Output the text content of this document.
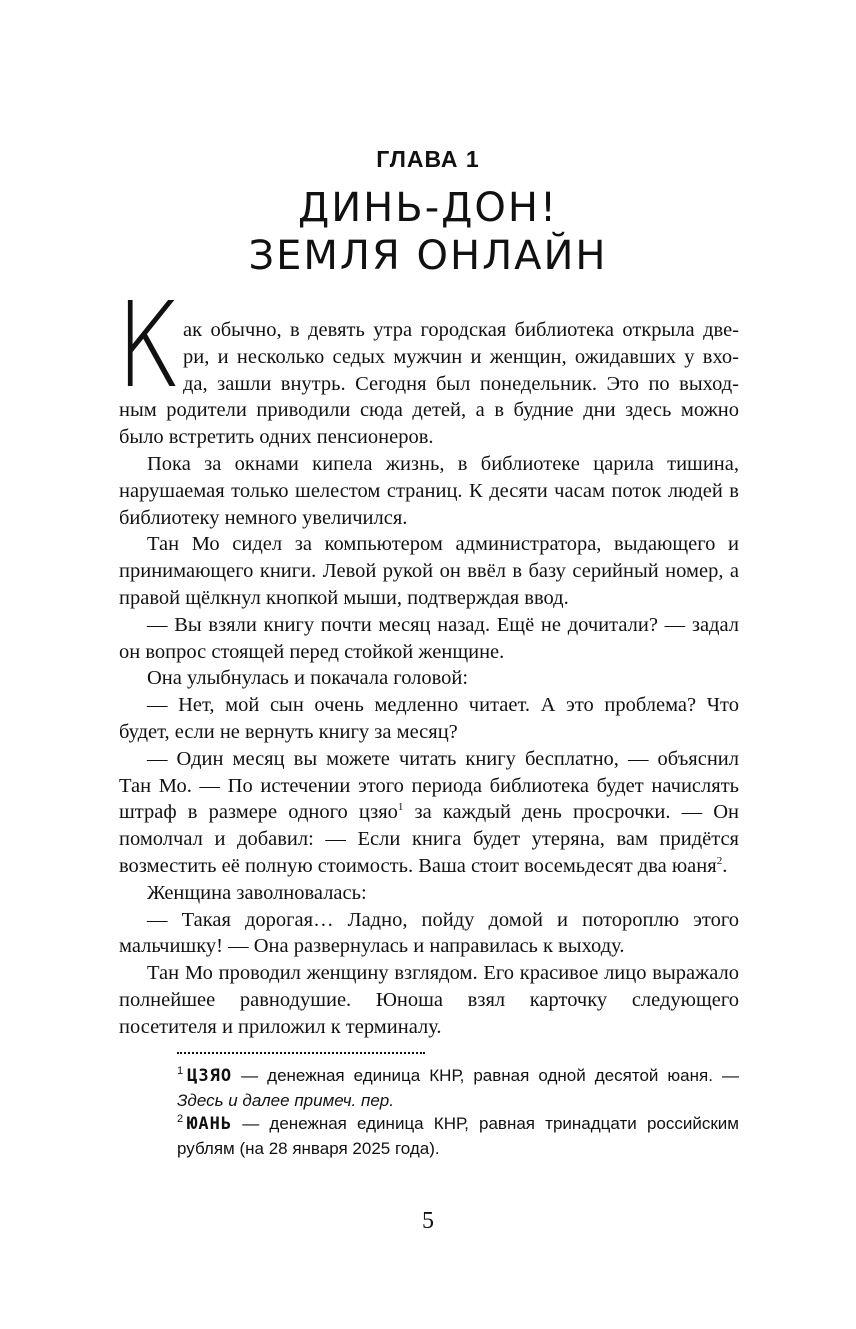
ГЛАВА 1
ДИНЬ-ДОН!
ЗЕМЛЯ ОНЛАЙН
К ак обычно, в девять утра городская библиотека открыла две-
ри, и несколько седых мужчин и женщин, ожидавших у вхо-
да, зашли внутрь. Сегодня был понедельник. Это по выход-
ным родители приводили сюда детей, а в будние дни здесь можно
было встретить одних пенсионеров.

Пока за окнами кипела жизнь, в библиотеке царила тишина, нарушаемая только шелестом страниц. К десяти часам поток людей в библиотеку немного увеличился.

Тан Мо сидел за компьютером администратора, выдающего и принимающего книги. Левой рукой он ввёл в базу серийный номер, а правой щёлкнул кнопкой мыши, подтверждая ввод.

— Вы взяли книгу почти месяц назад. Ещё не дочитали? — задал он вопрос стоящей перед стойкой женщине.

Она улыбнулась и покачала головой:

— Нет, мой сын очень медленно читает. А это проблема? Что будет, если не вернуть книгу за месяц?

— Один месяц вы можете читать книгу бесплатно, — объяснил Тан Мо. — По истечении этого периода библиотека будет начислять штраф в размере одного цзяо$^1$ за каждый день просрочки. — Он помолчал и добавил: — Если книга будет утеряна, вам придётся возместить её полную стоимость. Ваша стоит восемьдесят два юаня$^2$.

Женщина заволновалась:

— Такая дорогая… Ладно, пойду домой и потороплю этого мальчишку! — Она развернулась и направилась к выходу.

Тан Мо проводил женщину взглядом. Его красивое лицо выражало полнейшее равнодушие. Юноша взял карточку следующего посетителя и приложил к терминалу.

$^1$ ЦЗЯО — денежная единица КНР, равная одной десятой юаня. — Здесь и далее примеч. пер.

$^2$ ЮАНЬ — денежная единица КНР, равная тринадцати российским рублям (на 28 января 2025 года).

5
